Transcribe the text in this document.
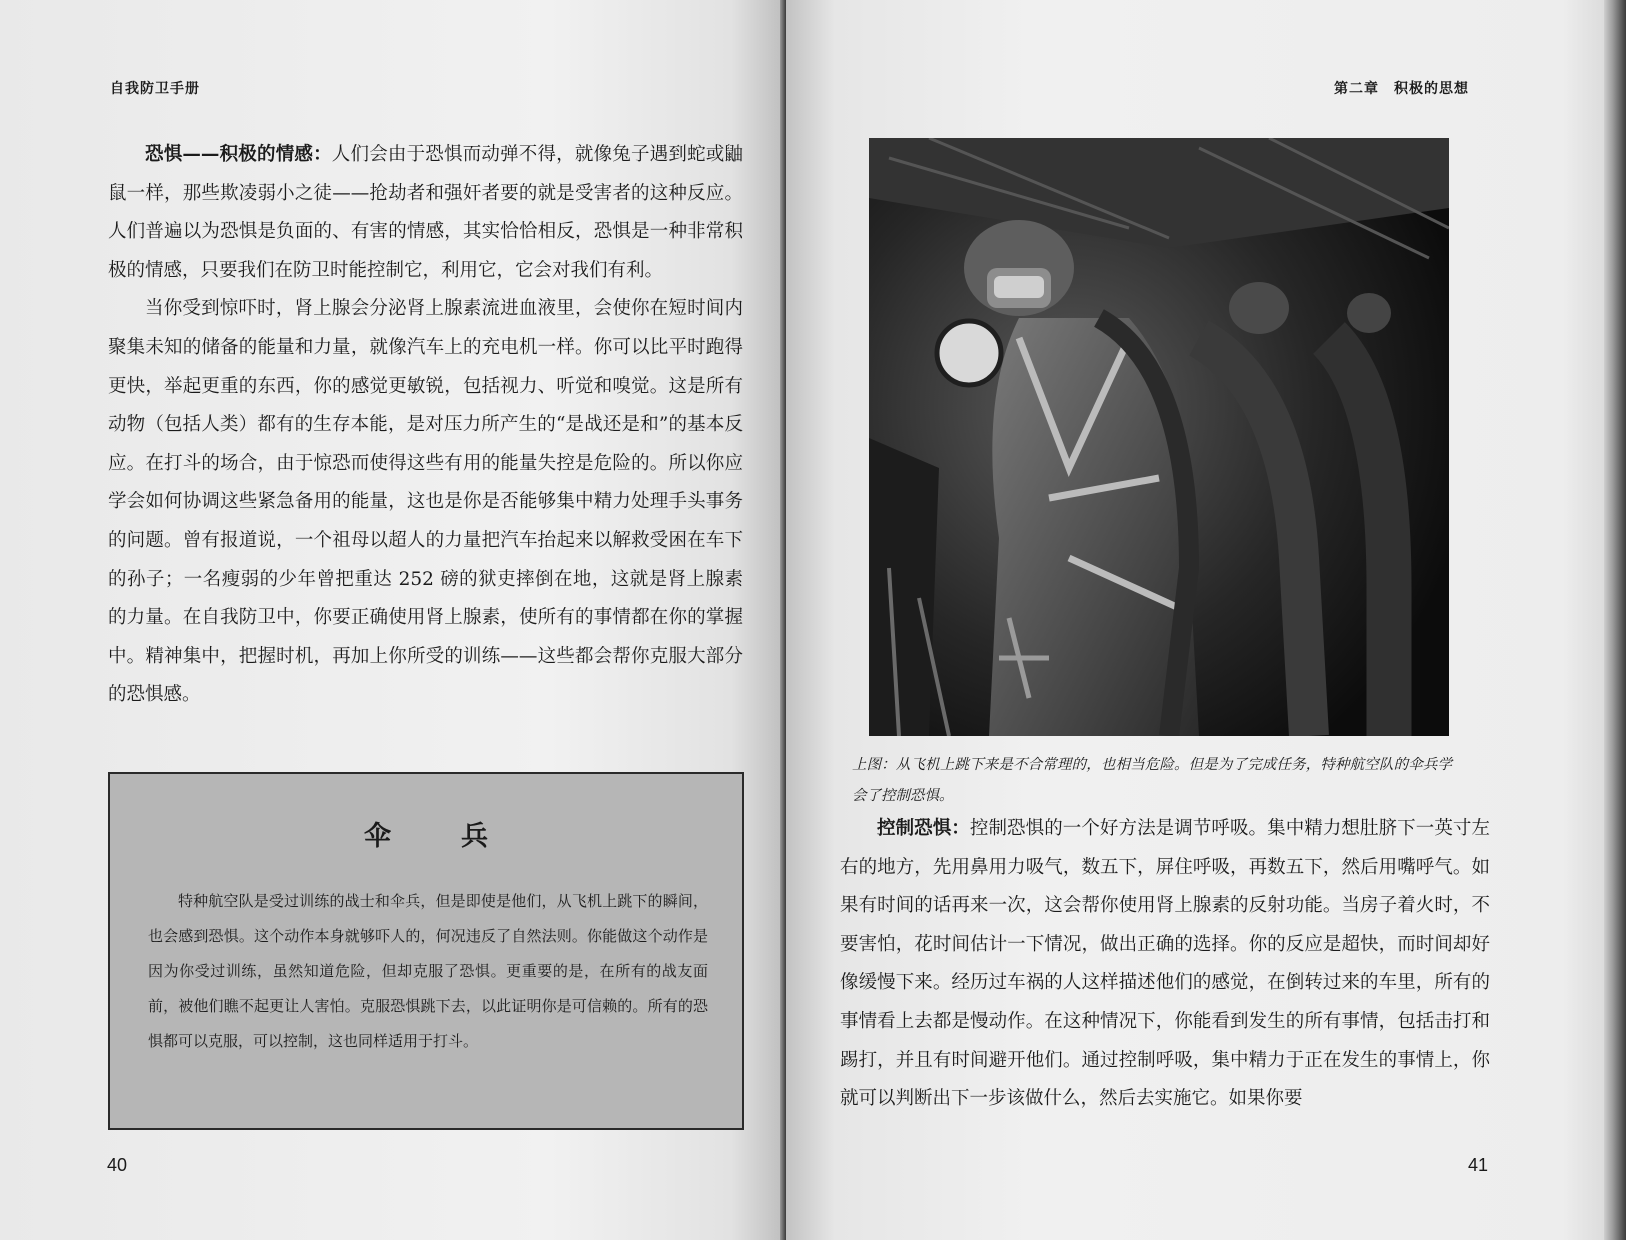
自我防卫手册

恐惧——积极的情感：人们会由于恐惧而动弹不得，就像兔子遇到蛇或鼬鼠一样，那些欺凌弱小之徒——抢劫者和强奸者要的就是受害者的这种反应。人们普遍以为恐惧是负面的、有害的情感，其实恰恰相反，恐惧是一种非常积极的情感，只要我们在防卫时能控制它，利用它，它会对我们有利。

当你受到惊吓时，肾上腺会分泌肾上腺素流进血液里，会使你在短时间内聚集未知的储备的能量和力量，就像汽车上的充电机一样。你可以比平时跑得更快，举起更重的东西，你的感觉更敏锐，包括视力、听觉和嗅觉。这是所有动物（包括人类）都有的生存本能，是对压力所产生的“是战还是和”的基本反应。在打斗的场合，由于惊恐而使得这些有用的能量失控是危险的。所以你应学会如何协调这些紧急备用的能量，这也是你是否能够集中精力处理手头事务的问题。曾有报道说，一个祖母以超人的力量把汽车抬起来以解救受困在车下的孙子；一名瘦弱的少年曾把重达 252 磅的狱吏摔倒在地，这就是肾上腺素的力量。在自我防卫中，你要正确使用肾上腺素，使所有的事情都在你的掌握中。精神集中，把握时机，再加上你所受的训练——这些都会帮你克服大部分的恐惧感。

伞兵

特种航空队是受过训练的战士和伞兵，但是即使是他们，从飞机上跳下的瞬间，也会感到恐惧。这个动作本身就够吓人的，何况违反了自然法则。你能做这个动作是因为你受过训练，虽然知道危险，但却克服了恐惧。更重要的是，在所有的战友面前，被他们瞧不起更让人害怕。克服恐惧跳下去，以此证明你是可信赖的。所有的恐惧都可以克服，可以控制，这也同样适用于打斗。

40
第二章　积极的思想

上图：从飞机上跳下来是不合常理的，也相当危险。但是为了完成任务，特种航空队的伞兵学会了控制恐惧。

控制恐惧：控制恐惧的一个好方法是调节呼吸。集中精力想肚脐下一英寸左右的地方，先用鼻用力吸气，数五下，屏住呼吸，再数五下，然后用嘴呼气。如果有时间的话再来一次，这会帮你使用肾上腺素的反射功能。当房子着火时，不要害怕，花时间估计一下情况，做出正确的选择。你的反应是超快，而时间却好像缓慢下来。经历过车祸的人这样描述他们的感觉，在倒转过来的车里，所有的事情看上去都是慢动作。在这种情况下，你能看到发生的所有事情，包括击打和踢打，并且有时间避开他们。通过控制呼吸，集中精力于正在发生的事情上，你就可以判断出下一步该做什么，然后去实施它。如果你要

41
